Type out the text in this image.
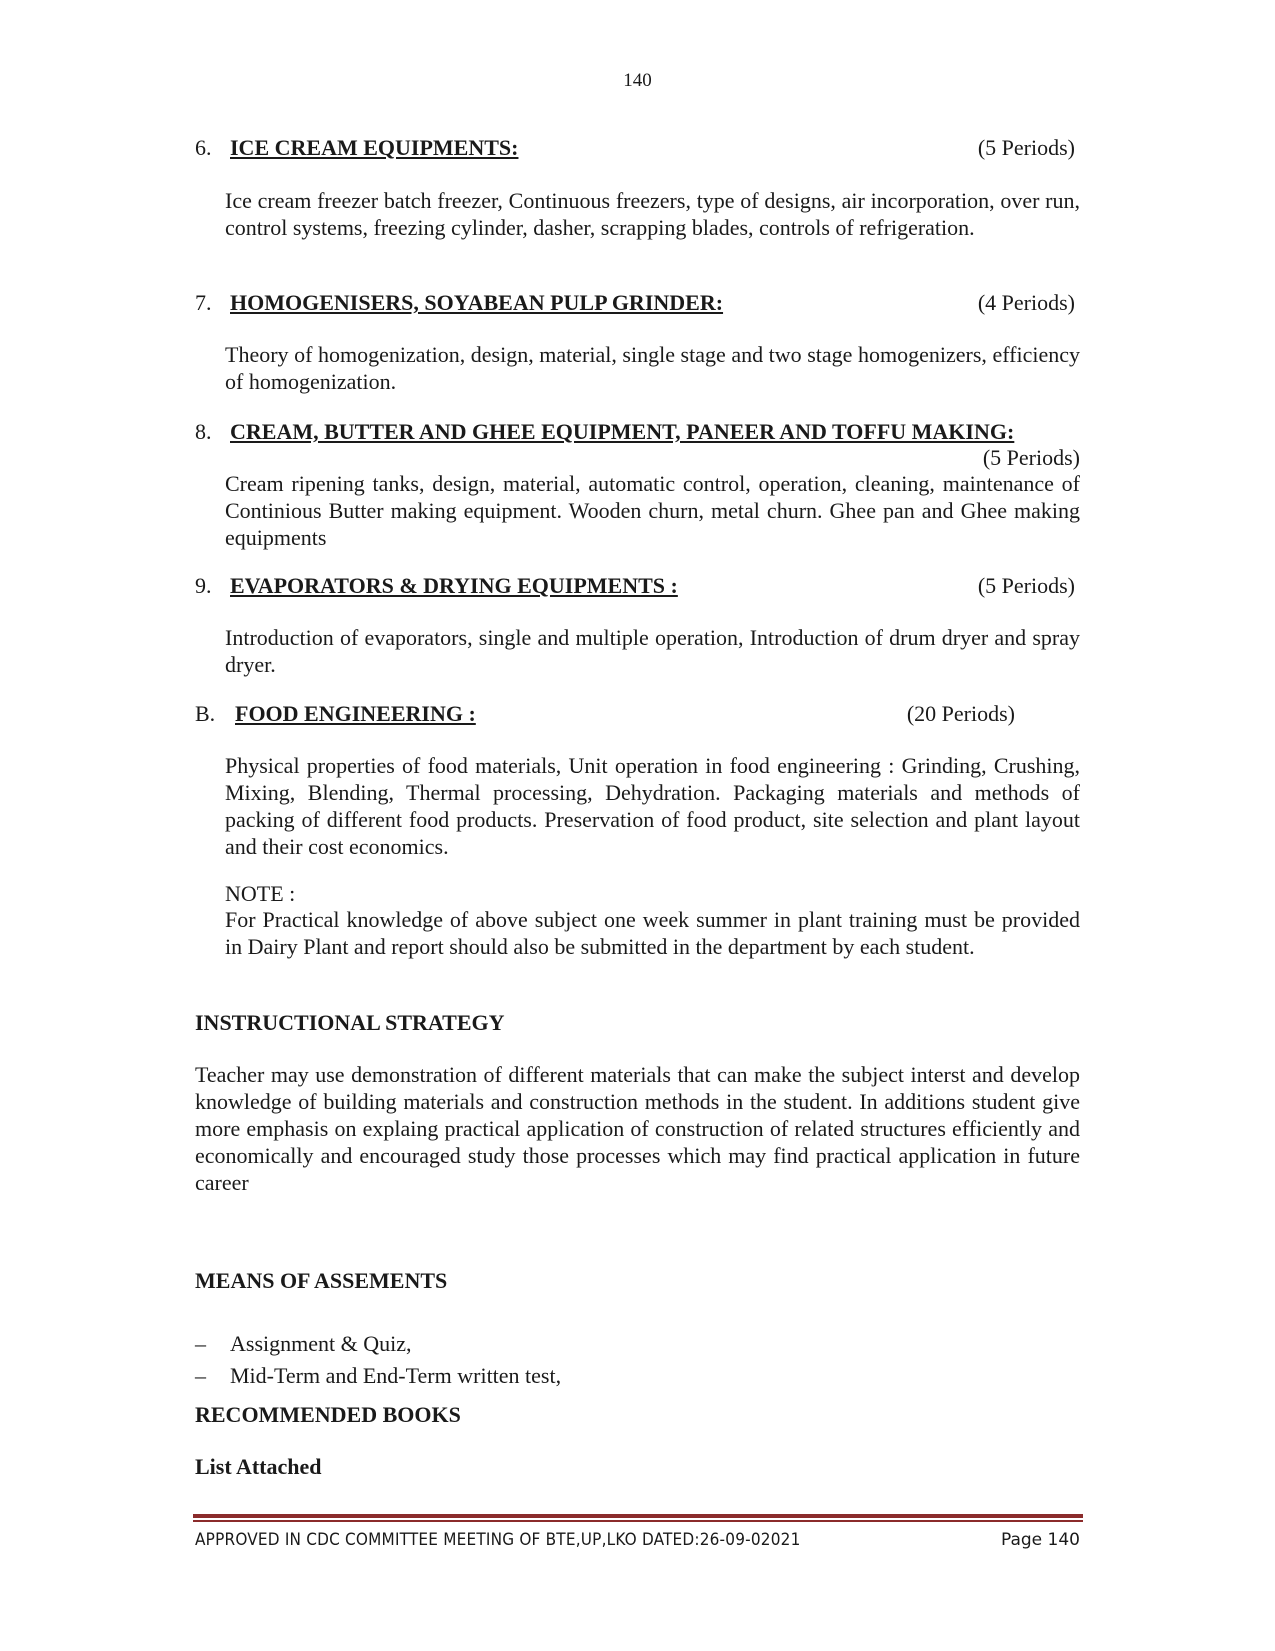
140
6. ICE CREAM EQUIPMENTS:	(5 Periods)

Ice cream freezer batch freezer, Continuous freezers, type of designs, air incorporation, over run, control systems, freezing cylinder, dasher, scrapping blades, controls of refrigeration.

7. HOMOGENISERS, SOYABEAN PULP GRINDER:	(4 Periods)

Theory of homogenization, design, material, single stage and two stage homogenizers, efficiency of homogenization.

8. CREAM, BUTTER AND GHEE EQUIPMENT, PANEER AND TOFFU MAKING:
(5 Periods)

Cream ripening tanks, design, material, automatic control, operation, cleaning, maintenance of Continious Butter making equipment. Wooden churn, metal churn. Ghee pan and Ghee making equipments

9. EVAPORATORS & DRYING EQUIPMENTS :	(5 Periods)

Introduction of evaporators, single and multiple operation, Introduction of drum dryer and spray dryer.

B. FOOD ENGINEERING :	(20 Periods)

Physical properties of food materials, Unit operation in food engineering : Grinding, Crushing, Mixing, Blending, Thermal processing, Dehydration. Packaging materials and methods of packing of different food products. Preservation of food product, site selection and plant layout and their cost economics.

NOTE :

For Practical knowledge of above subject one week summer in plant training must be provided in Dairy Plant and report should also be submitted in the department by each student.

INSTRUCTIONAL STRATEGY

Teacher may use demonstration of different materials that can make the subject interst and develop knowledge of building materials and construction methods in the student. In additions student give more emphasis on explaing practical application of construction of related structures efficiently and economically and encouraged study those processes which may find practical application in future career

MEANS OF ASSEMENTS
– Assignment & Quiz,
– Mid-Term and End-Term written test,
RECOMMENDED BOOKS
List Attached
APPROVED IN CDC COMMITTEE MEETING OF BTE,UP,LKO DATED:26-09-02021	Page 140
